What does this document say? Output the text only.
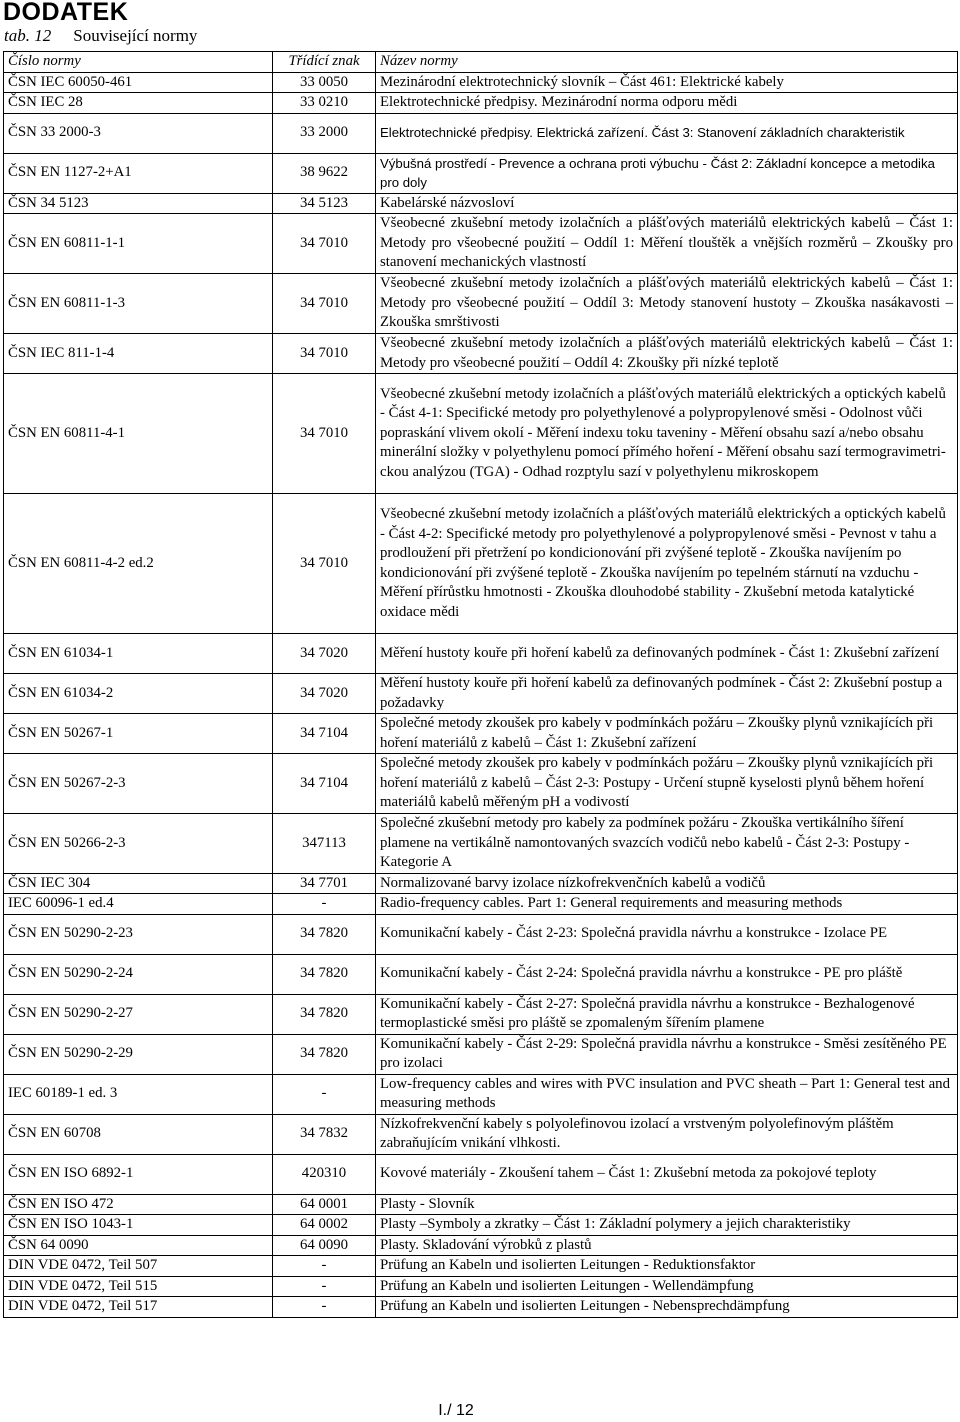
DODATEK
tab. 12 Související normy
Číslo normy	Třídící znak	Název normy
ČSN IEC 60050-461	33 0050	Mezinárodní elektrotechnický slovník – Část 461: Elektrické kabely
ČSN IEC 28	33 0210	Elektrotechnické předpisy. Mezinárodní norma odporu mědi
ČSN 33 2000-3	33 2000	Elektrotechnické předpisy. Elektrická zařízení. Část 3: Stanovení základních charakteristik
ČSN EN 1127-2+A1	38 9622	Výbušná prostředí - Prevence a ochrana proti výbuchu - Část 2: Základní koncepce a metodika pro doly
ČSN 34 5123	34 5123	Kabelárské názvosloví
ČSN EN 60811-1-1	34 7010	Všeobecné zkušební metody izolačních a plášťových materiálů elektrických kabelů – Část 1: Metody pro všeobecné použití – Oddíl 1: Měření tlouštěk a vnějších rozměrů – Zkoušky pro stanovení mechanických vlastností
ČSN EN 60811-1-3	34 7010	Všeobecné zkušební metody izolačních a plášťových materiálů elektrických kabelů – Část 1: Metody pro všeobecné použití – Oddíl 3: Metody stanovení hustoty – Zkouška nasákavosti – Zkouška smrštivosti
ČSN IEC 811-1-4	34 7010	Všeobecné zkušební metody izolačních a plášťových materiálů elektrických kabelů – Část 1: Metody pro všeobecné použití – Oddíl 4: Zkoušky při nízké teplotě
ČSN EN 60811-4-1	34 7010	Všeobecné zkušební metody izolačních a plášťových materiálů elektrických a optických kabelů - Část 4-1: Specifické metody pro polyethylenové a polypropylenové směsi - Odolnost vůči popraskání vlivem okolí - Měření indexu toku taveniny - Měření obsahu sazí a/nebo obsahu minerální složky v polyethylenu pomocí přímého hoření - Měření obsahu sazí termogravimetri-ckou analýzou (TGA) - Odhad rozptylu sazí v polyethylenu mikroskopem
ČSN EN 60811-4-2 ed.2	34 7010	Všeobecné zkušební metody izolačních a plášťových materiálů elektrických a optických kabelů - Část 4-2: Specifické metody pro polyethylenové a polypropylenové směsi - Pevnost v tahu a prodloužení při přetržení po kondicionování při zvýšené teplotě - Zkouška navíjením po kondicionování při zvýšené teplotě - Zkouška navíjením po tepelném stárnutí na vzduchu - Měření přírůstku hmotnosti - Zkouška dlouhodobé stability - Zkušební metoda katalytické oxidace mědi
ČSN EN 61034-1	34 7020	Měření hustoty kouře při hoření kabelů za definovaných podmínek - Část 1: Zkušební zařízení
ČSN EN 61034-2	34 7020	Měření hustoty kouře při hoření kabelů za definovaných podmínek - Část 2: Zkušební postup a požadavky
ČSN EN 50267-1	34 7104	Společné metody zkoušek pro kabely v podmínkách požáru – Zkoušky plynů vznikajících při hoření materiálů z kabelů – Část 1: Zkušební zařízení
ČSN EN 50267-2-3	34 7104	Společné metody zkoušek pro kabely v podmínkách požáru – Zkoušky plynů vznikajících při hoření materiálů z kabelů – Část 2-3: Postupy - Určení stupně kyselosti plynů během hoření materiálů kabelů měřeným pH a vodivostí
ČSN EN 50266-2-3	347113	Společné zkušební metody pro kabely za podmínek požáru - Zkouška vertikálního šíření plamene na vertikálně namontovaných svazcích vodičů nebo kabelů - Část 2-3: Postupy - Kategorie A
ČSN IEC 304	34 7701	Normalizované barvy izolace nízkofrekvenčních kabelů a vodičů
IEC 60096-1 ed.4	-	Radio-frequency cables. Part 1: General requirements and measuring methods
ČSN EN 50290-2-23	34 7820	Komunikační kabely - Část 2-23: Společná pravidla návrhu a konstrukce - Izolace PE
ČSN EN 50290-2-24	34 7820	Komunikační kabely - Část 2-24: Společná pravidla návrhu a konstrukce - PE pro pláště
ČSN EN 50290-2-27	34 7820	Komunikační kabely - Část 2-27: Společná pravidla návrhu a konstrukce - Bezhalogenové termoplastické směsi pro pláště se zpomaleným šířením plamene
ČSN EN 50290-2-29	34 7820	Komunikační kabely - Část 2-29: Společná pravidla návrhu a konstrukce - Směsi zesítěného PE pro izolaci
IEC 60189-1 ed. 3	-	Low-frequency cables and wires with PVC insulation and PVC sheath – Part 1: General test and measuring methods
ČSN EN 60708	34 7832	Nízkofrekvenční kabely s polyolefinovou izolací a vrstveným polyolefinovým pláštěm zabraňujícím vnikání vlhkosti.
ČSN EN ISO 6892-1	420310	Kovové materiály - Zkoušení tahem – Část 1: Zkušební metoda za pokojové teploty
ČSN EN ISO 472	64 0001	Plasty - Slovník
ČSN EN ISO 1043-1	64 0002	Plasty –Symboly a zkratky – Část 1: Základní polymery a jejich charakteristiky
ČSN 64 0090	64 0090	Plasty. Skladování výrobků z plastů
DIN VDE 0472, Teil 507	-	Prüfung an Kabeln und isolierten Leitungen - Reduktionsfaktor
DIN VDE 0472, Teil 515	-	Prüfung an Kabeln und isolierten Leitungen - Wellendämpfung
DIN VDE 0472, Teil 517	-	Prüfung an Kabeln und isolierten Leitungen - Nebensprechdämpfung
I./ 12
